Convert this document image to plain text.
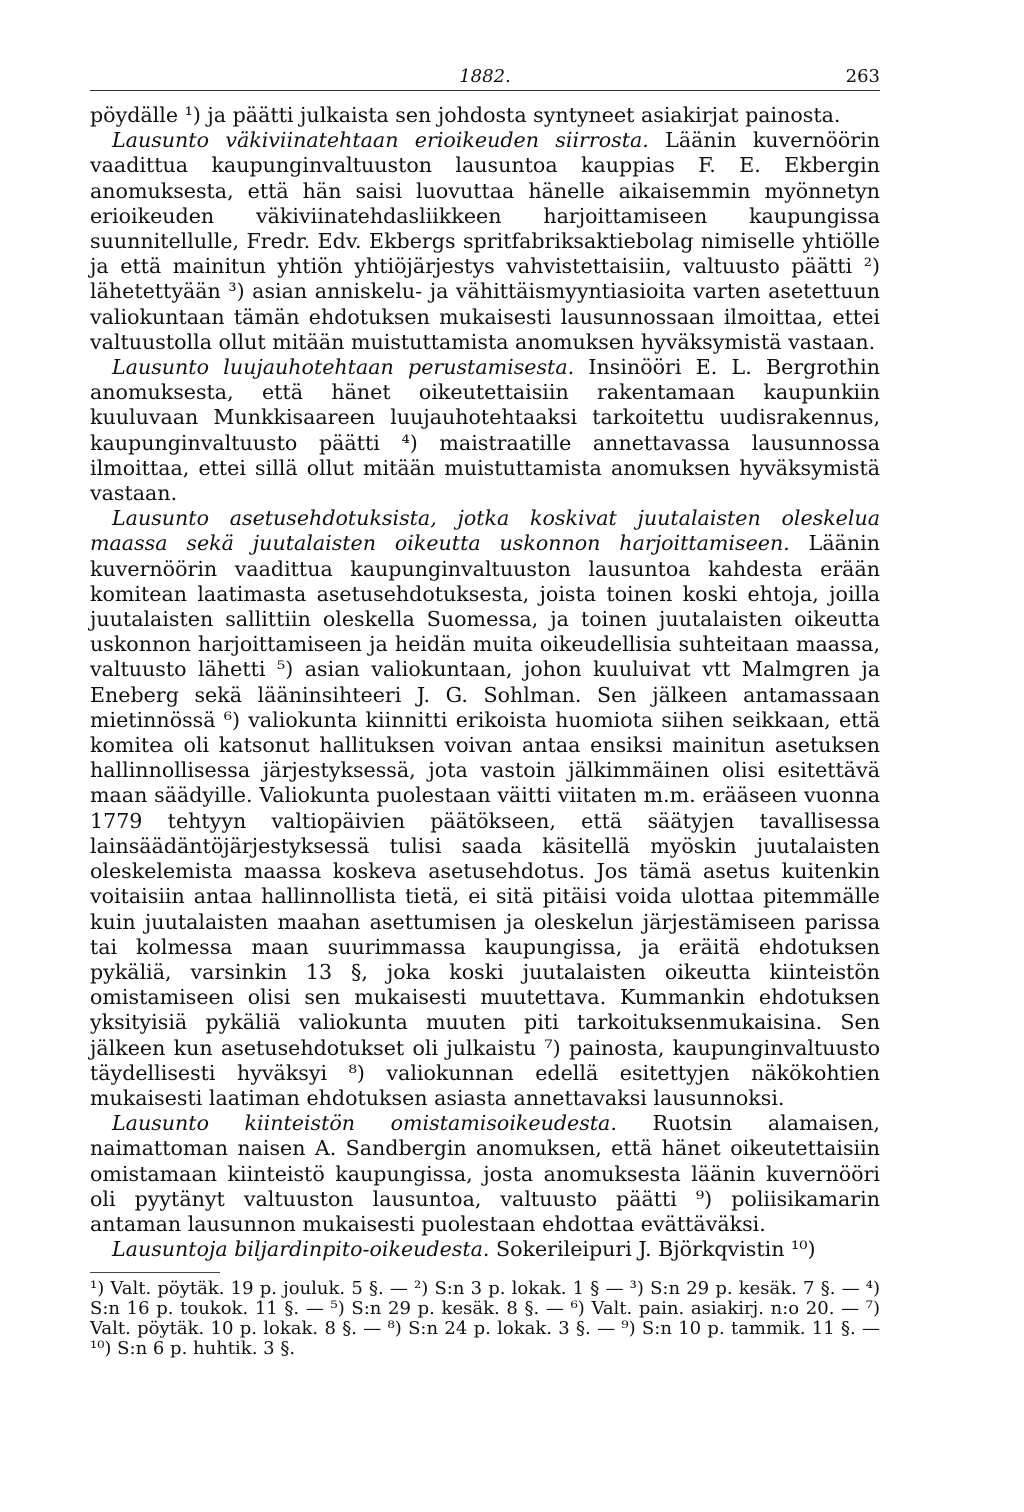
1882.	263

pöydälle ¹) ja päätti julkaista sen johdosta syntyneet asiakirjat painosta.

Lausunto väkiviinatehtaan erioikeuden siirrosta. Läänin kuvernöörin vaadittua kaupunginvaltuuston lausuntoa kauppias F. E. Ekbergin anomuksesta, että hän saisi luovuttaa hänelle aikaisemmin myönnetyn erioikeuden väkiviinatehdasliikkeen harjoittamiseen kaupungissa suunnitellulle, Fredr. Edv. Ekbergs spritfabriksaktiebolag nimiselle yhtiölle ja että mainitun yhtiön yhtiöjärjestys vahvistettaisiin, valtuusto päätti ²) lähetettyään ³) asian anniskelu- ja vähittäismyyntiasioita varten asetettuun valiokuntaan tämän ehdotuksen mukaisesti lausunnossaan ilmoittaa, ettei valtuustolla ollut mitään muistuttamista anomuksen hyväksymistä vastaan.

Lausunto luujauhotehtaan perustamisesta. Insinööri E. L. Bergrothin anomuksesta, että hänet oikeutettaisiin rakentamaan kaupunkiin kuuluvaan Munkkisaareen luujauhotehtaaksi tarkoitettu uudisrakennus, kaupunginvaltuusto päätti ⁴) maistraatille annettavassa lausunnossa ilmoittaa, ettei sillä ollut mitään muistuttamista anomuksen hyväksymistä vastaan.

Lausunto asetusehdotuksista, jotka koskivat juutalaisten oleskelua maassa sekä juutalaisten oikeutta uskonnon harjoittamiseen. Läänin kuvernöörin vaadittua kaupunginvaltuuston lausuntoa kahdesta erään komitean laatimasta asetusehdotuksesta, joista toinen koski ehtoja, joilla juutalaisten sallittiin oleskella Suomessa, ja toinen juutalaisten oikeutta uskonnon harjoittamiseen ja heidän muita oikeudellisia suhteitaan maassa, valtuusto lähetti ⁵) asian valiokuntaan, johon kuuluivat vtt Malmgren ja Eneberg sekä lääninsihteeri J. G. Sohlman. Sen jälkeen antamassaan mietinnössä ⁶) valiokunta kiinnitti erikoista huomiota siihen seikkaan, että komitea oli katsonut hallituksen voivan antaa ensiksi mainitun asetuksen hallinnollisessa järjestyksessä, jota vastoin jälkimmäinen olisi esitettävä maan säädyille. Valiokunta puolestaan väitti viitaten m.m. erääseen vuonna 1779 tehtyyn valtiopäivien päätökseen, että säätyjen tavallisessa lainsäädäntöjärjestyksessä tulisi saada käsitellä myöskin juutalaisten oleskelemista maassa koskeva asetusehdotus. Jos tämä asetus kuitenkin voitaisiin antaa hallinnollista tietä, ei sitä pitäisi voida ulottaa pitemmälle kuin juutalaisten maahan asettumisen ja oleskelun järjestämiseen parissa tai kolmessa maan suurimmassa kaupungissa, ja eräitä ehdotuksen pykäliä, varsinkin 13 §, joka koski juutalaisten oikeutta kiinteistön omistamiseen olisi sen mukaisesti muutettava. Kummankin ehdotuksen yksityisiä pykäliä valiokunta muuten piti tarkoituksenmukaisina. Sen jälkeen kun asetusehdotukset oli julkaistu ⁷) painosta, kaupunginvaltuusto täydellisesti hyväksyi ⁸) valiokunnan edellä esitettyjen näkökohtien mukaisesti laatiman ehdotuksen asiasta annettavaksi lausunnoksi.

Lausunto kiinteistön omistamisoikeudesta. Ruotsin alamaisen, naimattoman naisen A. Sandbergin anomuksen, että hänet oikeutettaisiin omistamaan kiinteistö kaupungissa, josta anomuksesta läänin kuvernööri oli pyytänyt valtuuston lausuntoa, valtuusto päätti ⁹) poliisikamarin antaman lausunnon mukaisesti puolestaan ehdottaa evättäväksi.

Lausuntoja biljardinpito-oikeudesta. Sokerileipuri J. Björkqvistin ¹⁰)

¹) Valt. pöytäk. 19 p. jouluk. 5 §. — ²) S:n 3 p. lokak. 1 § — ³) S:n 29 p. kesäk. 7 §. — ⁴) S:n 16 p. toukok. 11 §. — ⁵) S:n 29 p. kesäk. 8 §. — ⁶) Valt. pain. asiakirj. n:o 20. — ⁷) Valt. pöytäk. 10 p. lokak. 8 §. — ⁸) S:n 24 p. lokak. 3 §. — ⁹) S:n 10 p. tammik. 11 §. — ¹⁰) S:n 6 p. huhtik. 3 §.
